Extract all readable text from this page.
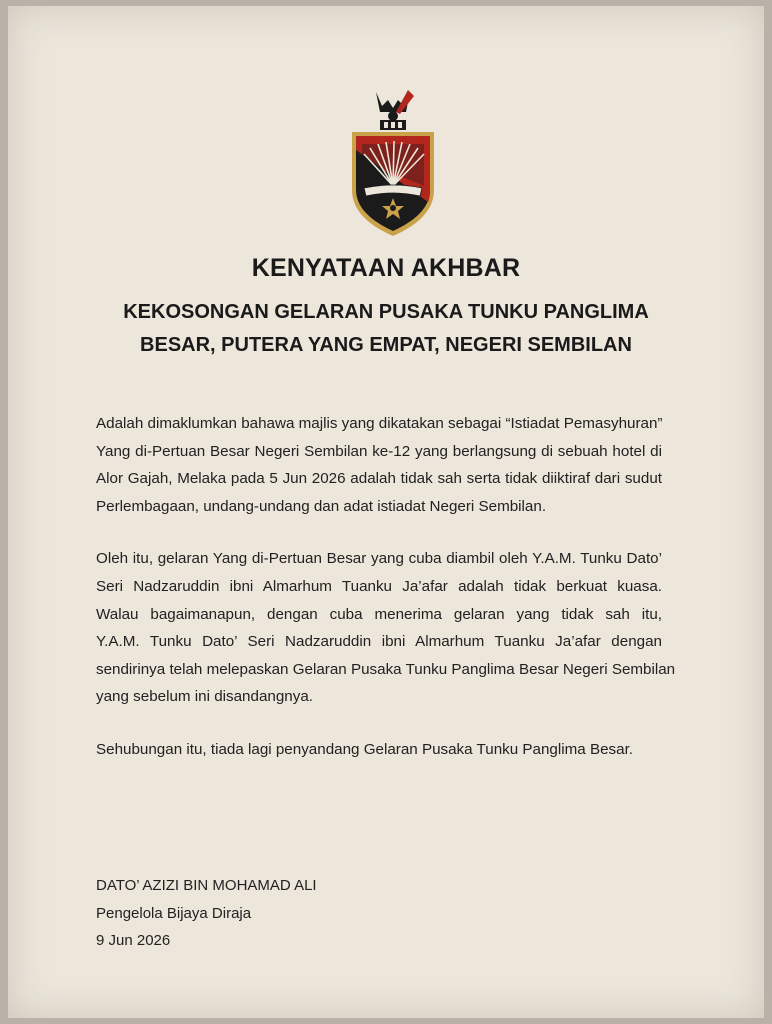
KENYATAAN AKHBAR
KEKOSONGAN GELARAN PUSAKA TUNKU PANGLIMA
BESAR, PUTERA YANG EMPAT, NEGERI SEMBILAN
Adalah dimaklumkan bahawa majlis yang dikatakan sebagai “Istiadat Pemasyhuran”
Yang di-Pertuan Besar Negeri Sembilan ke-12 yang berlangsung di sebuah hotel di
Alor Gajah, Melaka pada 5 Jun 2026 adalah tidak sah serta tidak diiktiraf dari sudut
Perlembagaan, undang-undang dan adat istiadat Negeri Sembilan.
Oleh itu, gelaran Yang di-Pertuan Besar yang cuba diambil oleh Y.A.M. Tunku Dato’
Seri Nadzaruddin ibni Almarhum Tuanku Ja’afar adalah tidak berkuat kuasa.
Walau bagaimanapun, dengan cuba menerima gelaran yang tidak sah itu,
Y.A.M. Tunku Dato’ Seri Nadzaruddin ibni Almarhum Tuanku Ja’afar dengan
sendirinya telah melepaskan Gelaran Pusaka Tunku Panglima Besar Negeri Sembilan
yang sebelum ini disandangnya.
Sehubungan itu, tiada lagi penyandang Gelaran Pusaka Tunku Panglima Besar.
DATO’ AZIZI BIN MOHAMAD ALI
Pengelola Bijaya Diraja
9 Jun 2026
